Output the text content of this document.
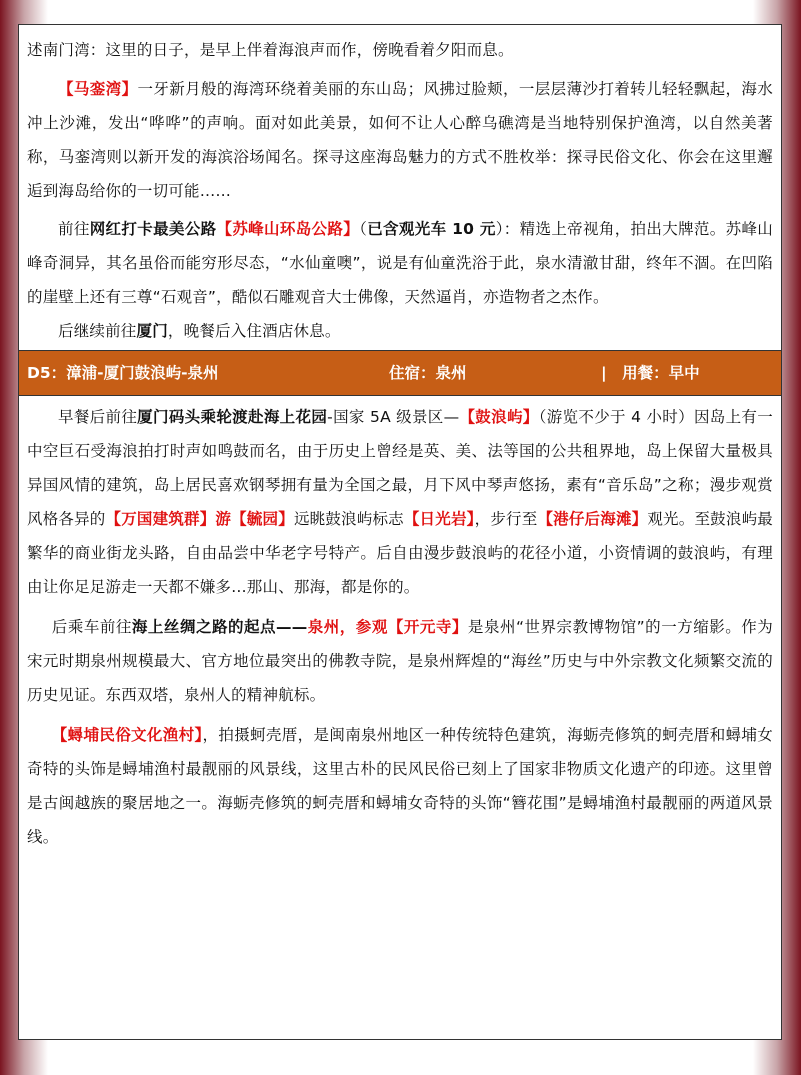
述南门湾：这里的日子，是早上伴着海浪声而作，傍晚看着夕阳而息。

【马銮湾】一牙新月般的海湾环绕着美丽的东山岛；风拂过脸颊，一层层薄沙打着转儿轻轻飘起，海水冲上沙滩，发出“哗哗”的声响。面对如此美景，如何不让人心醉乌礁湾是当地特别保护渔湾，以自然美著称，马銮湾则以新开发的海滨浴场闻名。探寻这座海岛魅力的方式不胜枚举：探寻民俗文化、你会在这里邂逅到海岛给你的一切可能……

前往网红打卡最美公路【苏峰山环岛公路】（已含观光车 10 元）：精选上帝视角，拍出大牌范。苏峰山峰奇洞异，其名虽俗而能穷形尽态，“水仙童噢”，说是有仙童洗浴于此，泉水清澈甘甜，终年不涸。在凹陷的崖壁上还有三尊“石观音”，酷似石雕观音大士佛像，天然逼肖，亦造物者之杰作。

后继续前往厦门，晚餐后入住酒店休息。

D5：漳浦-厦门鼓浪屿-泉州	住宿：泉州	|　用餐：早中

早餐后前往厦门码头乘轮渡赴海上花园-国家 5A 级景区—【鼓浪屿】（游览不少于 4 小时）因岛上有一中空巨石受海浪拍打时声如鸣鼓而名，由于历史上曾经是英、美、法等国的公共租界地，岛上保留大量极具异国风情的建筑，岛上居民喜欢钢琴拥有量为全国之最，月下风中琴声悠扬，素有“音乐岛”之称；漫步观赏风格各异的【万国建筑群】游【毓园】远眺鼓浪屿标志【日光岩】，步行至【港仔后海滩】观光。至鼓浪屿最 繁华的商业街龙头路，自由品尝中华老字号特产。后自由漫步鼓浪屿的花径小道，小资情调的鼓浪屿，有理由让你足足游走一天都不嫌多…那山、那海，都是你的。

后乘车前往海上丝绸之路的起点——泉州，参观【开元寺】是泉州“世界宗教博物馆”的一方缩影。作为宋元时期泉州规模最大、官方地位最突出的佛教寺院，是泉州辉煌的“海丝”历史与中外宗教文化频繁交流的历史见证。东西双塔，泉州人的精神航标。

【蟳埔民俗文化渔村】，拍摄蚵壳厝，是闽南泉州地区一种传统特色建筑，海蛎壳修筑的蚵壳厝和蟳埔女奇特的头饰是蟳埔渔村最靓丽的风景线，这里古朴的民风民俗已刻上了国家非物质文化遗产的印迹。这里曾是古闽越族的聚居地之一。海蛎壳修筑的蚵壳厝和蟳埔女奇特的头饰“簪花围”是蟳埔渔村最靓丽的两道风景线。
